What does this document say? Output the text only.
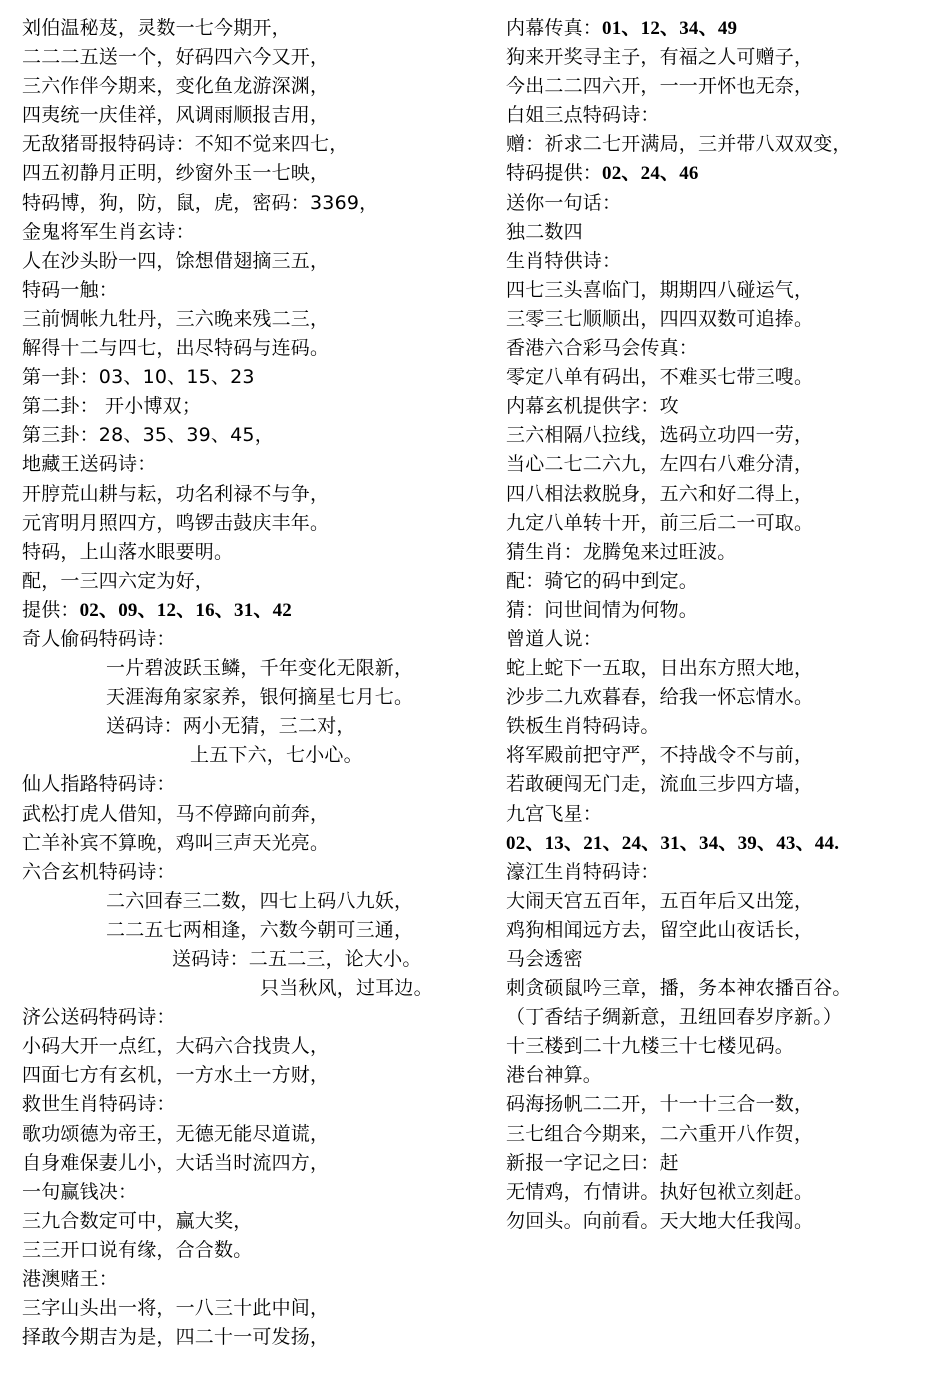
刘伯温秘芨，灵数一七今期开，
二二二五送一个，好码四六今又开，
三六作伴今期来，变化鱼龙游深渊，
四夷统一庆佳祥，风调雨顺报吉用，
无敌猪哥报特码诗：不知不觉来四七，
四五初静月正明，纱窗外玉一七映，
特码博，狗，防，鼠，虎，密码：3369，
金鬼将军生肖玄诗：
人在沙头盼一四，馀想借翅摘三五，
特码一触：
三前惆帐九牡丹，三六晚来残二三，
解得十二与四七，出尽特码与连码。
第一卦：03、10、15、23
第二卦： 开小博双；
第三卦：28、35、39、45，
地藏王送码诗：
开脝荒山耕与耘，功名利禄不与争，
元宵明月照四方，鸣锣击鼓庆丰年。
特码，上山落水眼要明。
配，一三四六定为好，
提供：02、09、12、16、31、42
奇人偷码特码诗：
一片碧波跃玉鳞，千年变化无限新，
天涯海角家家养，银何摘星七月七。
送码诗：两小无猜，三二对，
上五下六，七小心。
仙人指路特码诗：
武松打虎人借知，马不停蹄向前奔，
亡羊补宾不算晚，鸡叫三声天光亮。
六合玄机特码诗：
二六回春三二数，四七上码八九妖，
二二五七两相逢，六数今朝可三通，
送码诗：二五二三，论大小。
只当秋风，过耳边。
济公送码特码诗：
小码大开一点红，大码六合找贵人，
四面七方有玄机，一方水土一方财，
救世生肖特码诗：
歌功颂德为帝王，无德无能尽道谎，
自身难保妻儿小，大话当时流四方，
一句赢钱决：
三九合数定可中，赢大奖，
三三开口说有缘，合合数。
港澳赌王：
三字山头出一将，一八三十此中间，
择敢今期吉为是，四二十一可发扬，
内幕传真：01、12、34、49
狗来开奖寻主子，有福之人可赠子，
今出二二四六开，一一开怀也无奈，
白姐三点特码诗：
赠：祈求二七开满局，三并带八双双变，
特码提供：02、24、46
送你一句话：
独二数四
生肖特供诗：
四七三头喜临门，期期四八碰运气，
三零三七顺顺出，四四双数可追捧。
香港六合彩马会传真：
零定八单有码出，不难买七带三嗖。
内幕玄机提供字：攻
三六相隔八拉线，选码立功四一劳，
当心二七二六九，左四右八难分清，
四八相法救脱身，五六和好二得上，
九定八单转十开，前三后二一可取。
猜生肖：龙腾兔来过旺波。
配：骑它的码中到定。
猜：问世间情为何物。
曾道人说：
蛇上蛇下一五取，日出东方照大地，
沙步二九欢暮春，给我一怀忘情水。
铁板生肖特码诗。
将军殿前把守严，不持战令不与前，
若敢硬闯无门走，流血三步四方墙，
九宫飞星：
02、13、21、24、31、34、39、43、44.
濠江生肖特码诗：
大闹天宫五百年，五百年后又出笼，
鸡狗相闻远方去，留空此山夜话长，
马会透密
刺贪硕鼠吟三章，播，务本神农播百谷。
（丁香结子绸新意，丑纽回春岁序新。）
十三楼到二十九楼三十七楼见码。
港台神算。
码海扬帆二二开，十一十三合一数，
三七组合今期来，二六重开八作贺，
新报一字记之曰：赶
无情鸡，冇情讲。执好包袱立刻赶。
勿回头。向前看。天大地大任我闯。
